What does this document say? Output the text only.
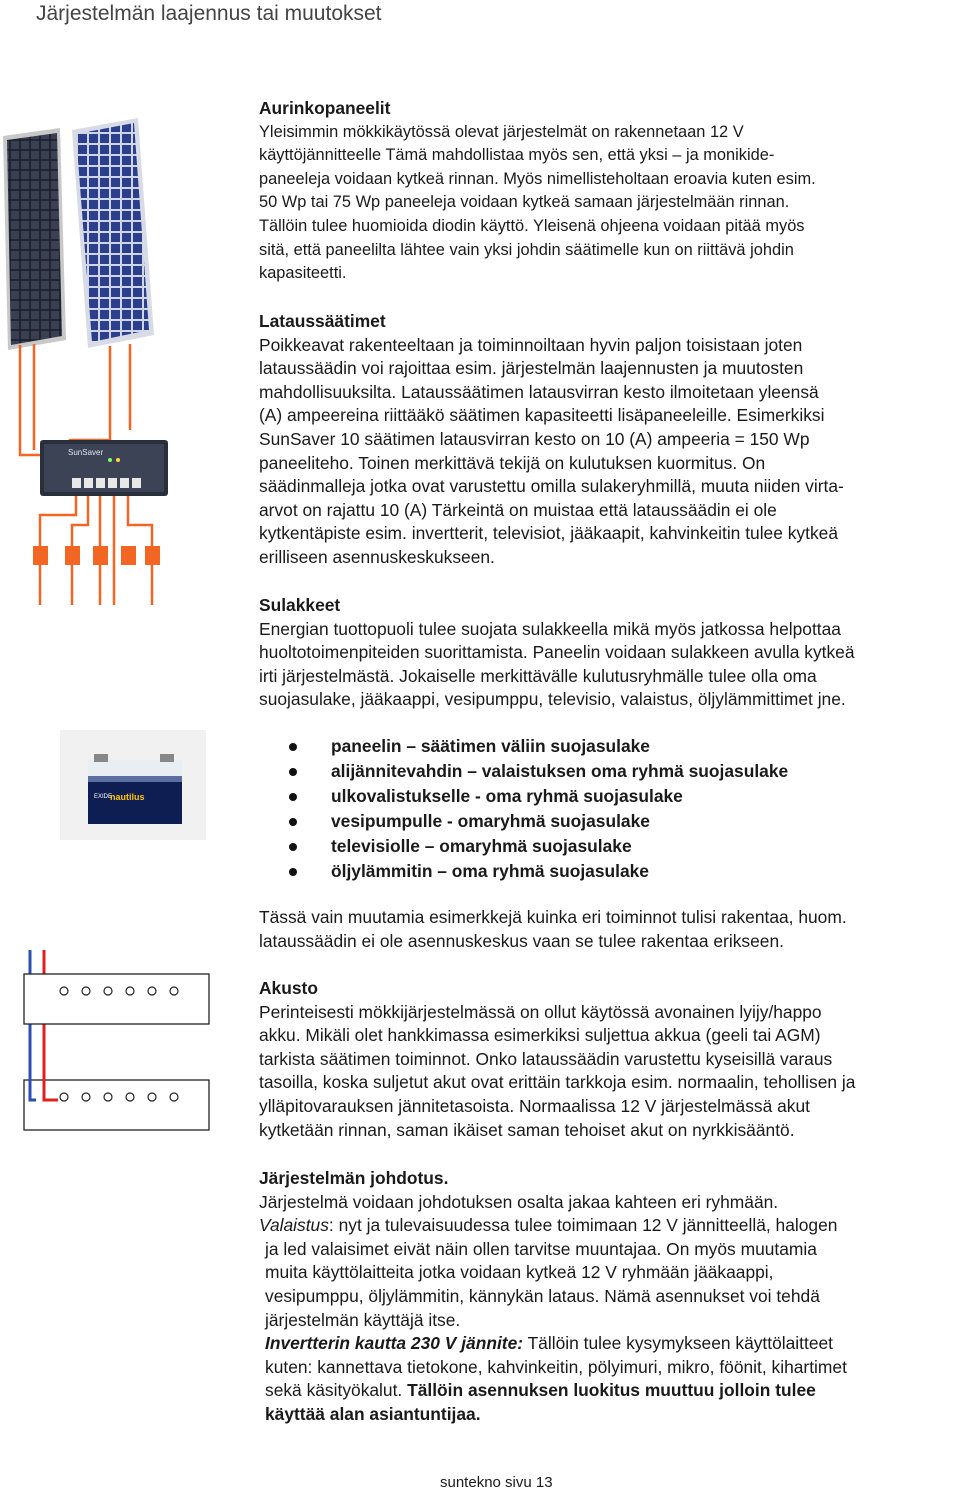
Järjestelmän laajennus tai muutokset
SunSaver
nautilus
EXIDE
Aurinkopaneelit

Yleisimmin mökkikäytössä olevat järjestelmät on rakennetaan 12 V

käyttöjännitteelle Tämä mahdollistaa myös sen, että yksi – ja monikide-

paneeleja voidaan kytkeä rinnan. Myös nimellisteholtaan eroavia kuten esim.

50 Wp tai 75 Wp paneeleja voidaan kytkeä samaan järjestelmään rinnan.

Tällöin tulee huomioida diodin käyttö. Yleisenä ohjeena voidaan pitää myös

sitä, että paneelilta lähtee vain yksi johdin säätimelle kun on riittävä johdin

kapasiteetti.

Lataussäätimet

Poikkeavat rakenteeltaan ja toiminnoiltaan hyvin paljon toisistaan joten

lataussäädin voi rajoittaa esim. järjestelmän laajennusten ja muutosten

mahdollisuuksilta. Lataussäätimen latausvirran kesto ilmoitetaan yleensä

(A) ampeereina riittääkö säätimen kapasiteetti lisäpaneeleille. Esimerkiksi

SunSaver 10 säätimen latausvirran kesto on 10 (A) ampeeria = 150 Wp

paneeliteho. Toinen merkittävä tekijä on kulutuksen kuormitus. On

säädinmalleja jotka ovat varustettu omilla sulakeryhmillä, muuta niiden virta-

arvot on rajattu 10 (A) Tärkeintä on muistaa että lataussäädin ei ole

kytkentäpiste esim. invertterit, televisiot, jääkaapit, kahvinkeitin tulee kytkeä

erilliseen asennuskeskukseen.

Sulakkeet

Energian tuottopuoli tulee suojata sulakkeella mikä myös jatkossa helpottaa

huoltotoimenpiteiden suorittamista. Paneelin voidaan sulakkeen avulla kytkeä

irti järjestelmästä. Jokaiselle merkittävälle kulutusryhmälle tulee olla oma

suojasulake, jääkaappi, vesipumppu, televisio, valaistus, öljylämmittimet jne.

paneelin – säätimen väliin suojasulake
alijännitevahdin – valaistuksen oma ryhmä suojasulake
ulkovalistukselle - oma ryhmä suojasulake
vesipumpulle - omaryhmä suojasulake
televisiolle – omaryhmä suojasulake
öljylämmitin – oma ryhmä suojasulake

Tässä vain muutamia esimerkkejä kuinka eri toiminnot tulisi rakentaa, huom.

lataussäädin ei ole asennuskeskus vaan se tulee rakentaa erikseen.

Akusto

Perinteisesti mökkijärjestelmässä on ollut käytössä avonainen lyijy/happo

akku. Mikäli olet hankkimassa esimerkiksi suljettua akkua (geeli tai AGM)

tarkista säätimen toiminnot. Onko lataussäädin varustettu kyseisillä varaus

tasoilla, koska suljetut akut ovat erittäin tarkkoja esim. normaalin, tehollisen ja

ylläpitovarauksen jännitetasoista. Normaalissa 12 V järjestelmässä akut

kytketään rinnan, saman ikäiset saman tehoiset akut on nyrkkisääntö.

Järjestelmän johdotus.

Järjestelmä voidaan johdotuksen osalta jakaa kahteen eri ryhmään.

Valaistus: nyt ja tulevaisuudessa tulee toimimaan 12 V jännitteellä, halogen

ja led valaisimet eivät näin ollen tarvitse muuntajaa. On myös muutamia

muita käyttölaitteita jotka voidaan kytkeä 12 V ryhmään jääkaappi,

vesipumppu, öljylämmitin, kännykän lataus. Nämä asennukset voi tehdä

järjestelmän käyttäjä itse.

Invertterin kautta 230 V jännite: Tällöin tulee kysymykseen käyttölaitteet

kuten: kannettava tietokone, kahvinkeitin, pölyimuri, mikro, föönit, kihartimet

sekä käsityökalut. Tällöin asennuksen luokitus muuttuu jolloin tulee

käyttää alan asiantuntijaa.

suntekno sivu 13
